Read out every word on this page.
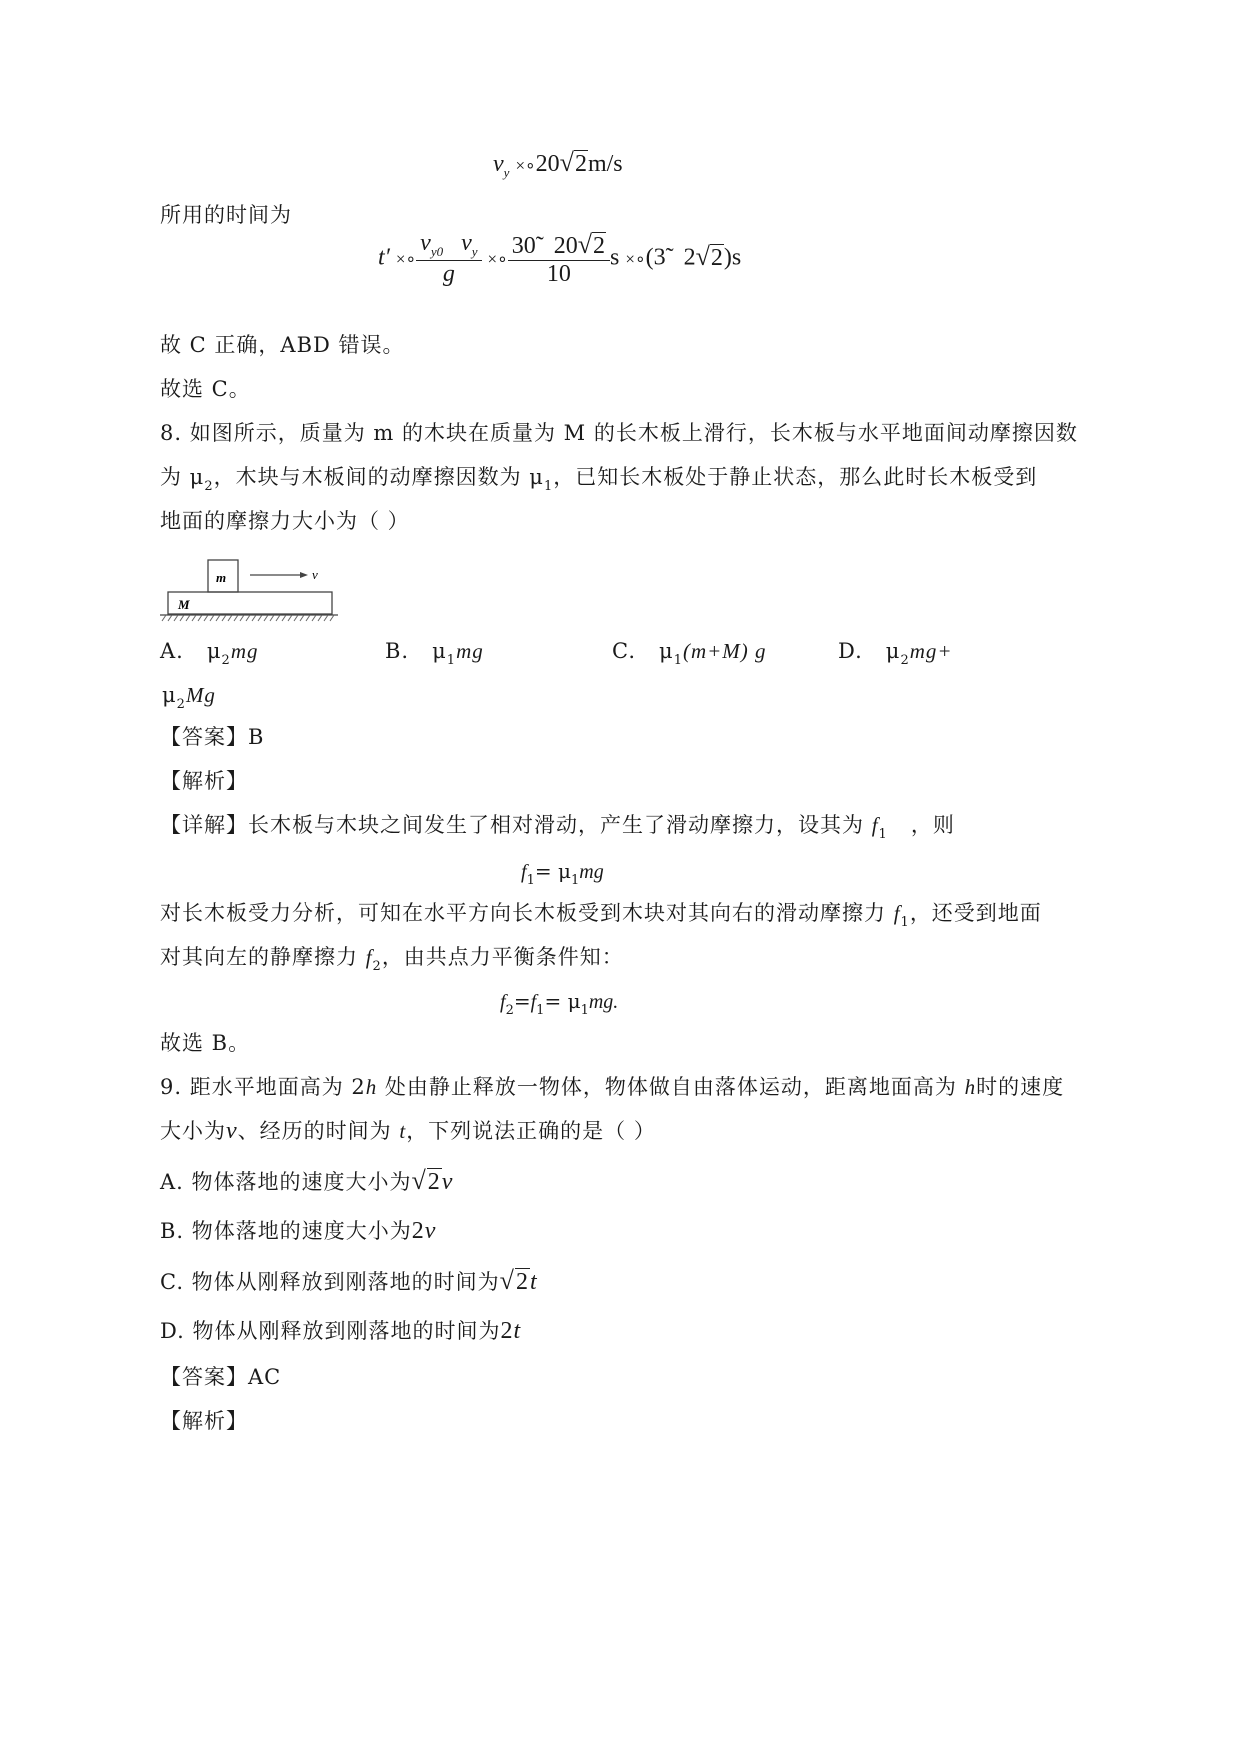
$v_y$ ×∘20√2m/s
所用的时间为
t′ ×∘ $\frac{v_{y0} v_y}{g}$ ×∘ $\frac{30̃ 20√2}{10}$ s ×∘(3̃ 2√2)s
故 C 正确，ABD 错误。
故选 C。
8. 如图所示，质量为 m 的木块在质量为 M 的长木板上滑行，长木板与水平地面间动摩擦因数
为 $\mu_2$，木块与木板间的动摩擦因数为 $\mu_1$，已知长木板处于静止状态，那么此时长木板受到
地面的摩擦力大小为（ ）
m	v
M
A. $\mu_2mg$	B. $\mu_1mg$	C. $\mu_1(m+M)$ g	D. $\mu_2mg+$
$\mu_2Mg$
【答案】B
【解析】
【详解】长木板与木块之间发生了相对滑动，产生了滑动摩擦力，设其为 $f_1$ ，则
$f_1= \mu_1mg$
对长木板受力分析，可知在水平方向长木板受到木块对其向右的滑动摩擦力 $f_1$，还受到地面
对其向左的静摩擦力 $f_2$，由共点力平衡条件知：
$f_2=f_1= \mu_1mg$.
故选 B。
9. 距水平地面高为 2h 处由静止释放一物体，物体做自由落体运动，距离地面高为 h时的速度
大小为v、经历的时间为 t，下列说法正确的是（ ）
A. 物体落地的速度大小为√2v
B. 物体落地的速度大小为2v
C. 物体从刚释放到刚落地的时间为√2t
D. 物体从刚释放到刚落地的时间为2t
【答案】AC
【解析】
